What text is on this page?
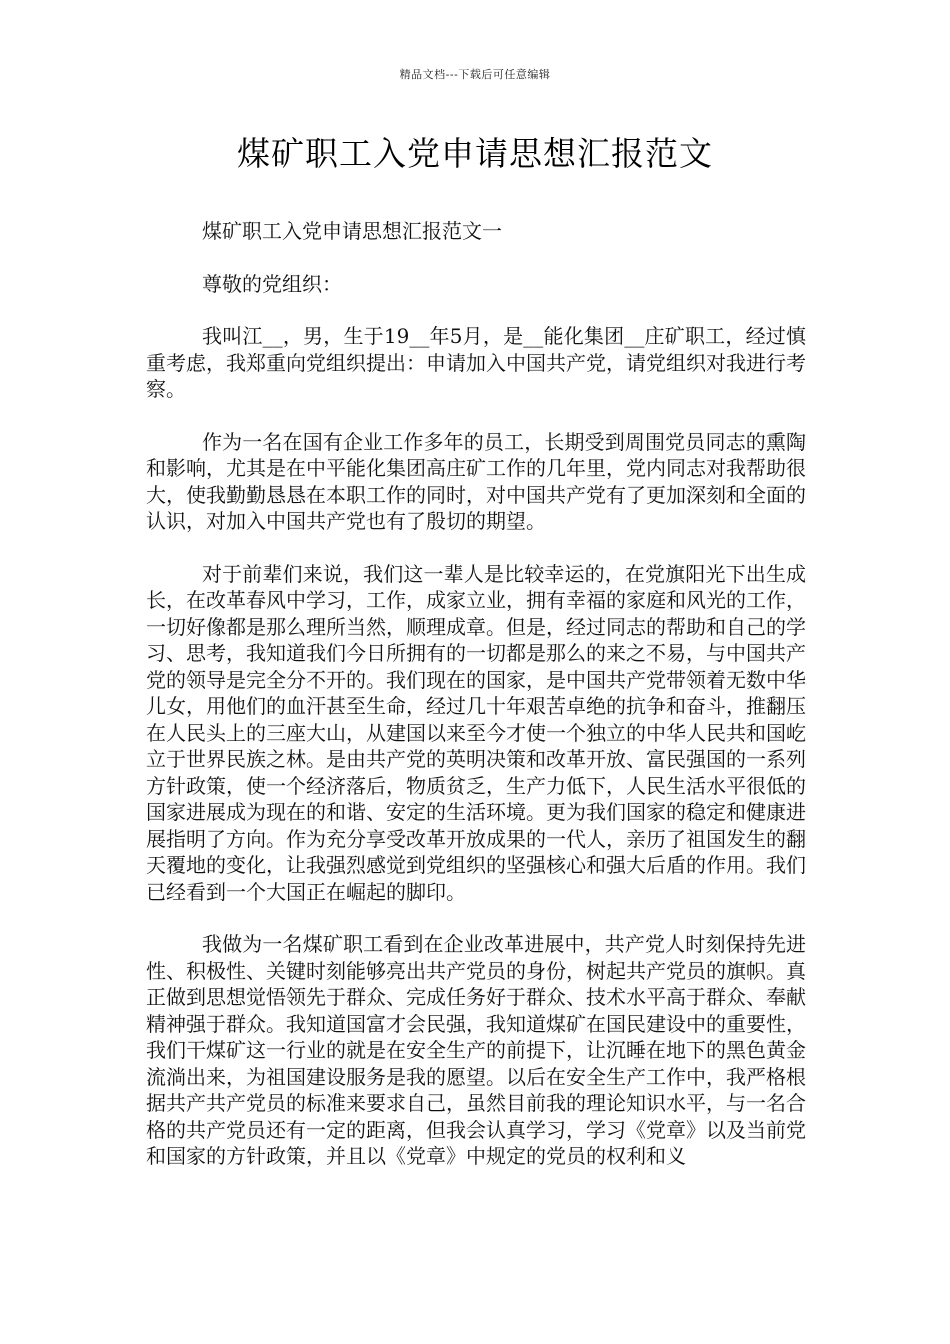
精品文档---下载后可任意编辑
煤矿职工入党申请思想汇报范文

煤矿职工入党申请思想汇报范文一

尊敬的党组织：

我叫江__，男，生于19__年5月，是__能化集团__庄矿职工，经过慎重考虑，我郑重向党组织提出：申请加入中国共产党，请党组织对我进行考察。

作为一名在国有企业工作多年的员工，长期受到周围党员同志的熏陶和影响，尤其是在中平能化集团高庄矿工作的几年里，党内同志对我帮助很大，使我勤勤恳恳在本职工作的同时，对中国共产党有了更加深刻和全面的认识，对加入中国共产党也有了殷切的期望。

对于前辈们来说，我们这一辈人是比较幸运的，在党旗阳光下出生成长，在改革春风中学习，工作，成家立业，拥有幸福的家庭和风光的工作，一切好像都是那么理所当然，顺理成章。但是，经过同志的帮助和自己的学习、思考，我知道我们今日所拥有的一切都是那么的来之不易，与中国共产党的领导是完全分不开的。我们现在的国家，是中国共产党带领着无数中华儿女，用他们的血汗甚至生命，经过几十年艰苦卓绝的抗争和奋斗，推翻压在人民头上的三座大山，从建国以来至今才使一个独立的中华人民共和国屹立于世界民族之林。是由共产党的英明决策和改革开放、富民强国的一系列方针政策，使一个经济落后，物质贫乏，生产力低下，人民生活水平很低的国家进展成为现在的和谐、安定的生活环境。更为我们国家的稳定和健康进展指明了方向。作为充分享受改革开放成果的一代人，亲历了祖国发生的翻天覆地的变化，让我强烈感觉到党组织的坚强核心和强大后盾的作用。我们已经看到一个大国正在崛起的脚印。

我做为一名煤矿职工看到在企业改革进展中，共产党人时刻保持先进性、积极性、关键时刻能够亮出共产党员的身份，树起共产党员的旗帜。真正做到思想觉悟领先于群众、完成任务好于群众、技术水平高于群众、奉献精神强于群众。我知道国富才会民强，我知道煤矿在国民建设中的重要性，我们干煤矿这一行业的就是在安全生产的前提下，让沉睡在地下的黑色黄金流淌出来，为祖国建设服务是我的愿望。以后在安全生产工作中，我严格根据共产共产党员的标准来要求自己，虽然目前我的理论知识水平，与一名合格的共产党员还有一定的距离，但我会认真学习，学习《党章》以及当前党和国家的方针政策，并且以《党章》中规定的党员的权利和义
